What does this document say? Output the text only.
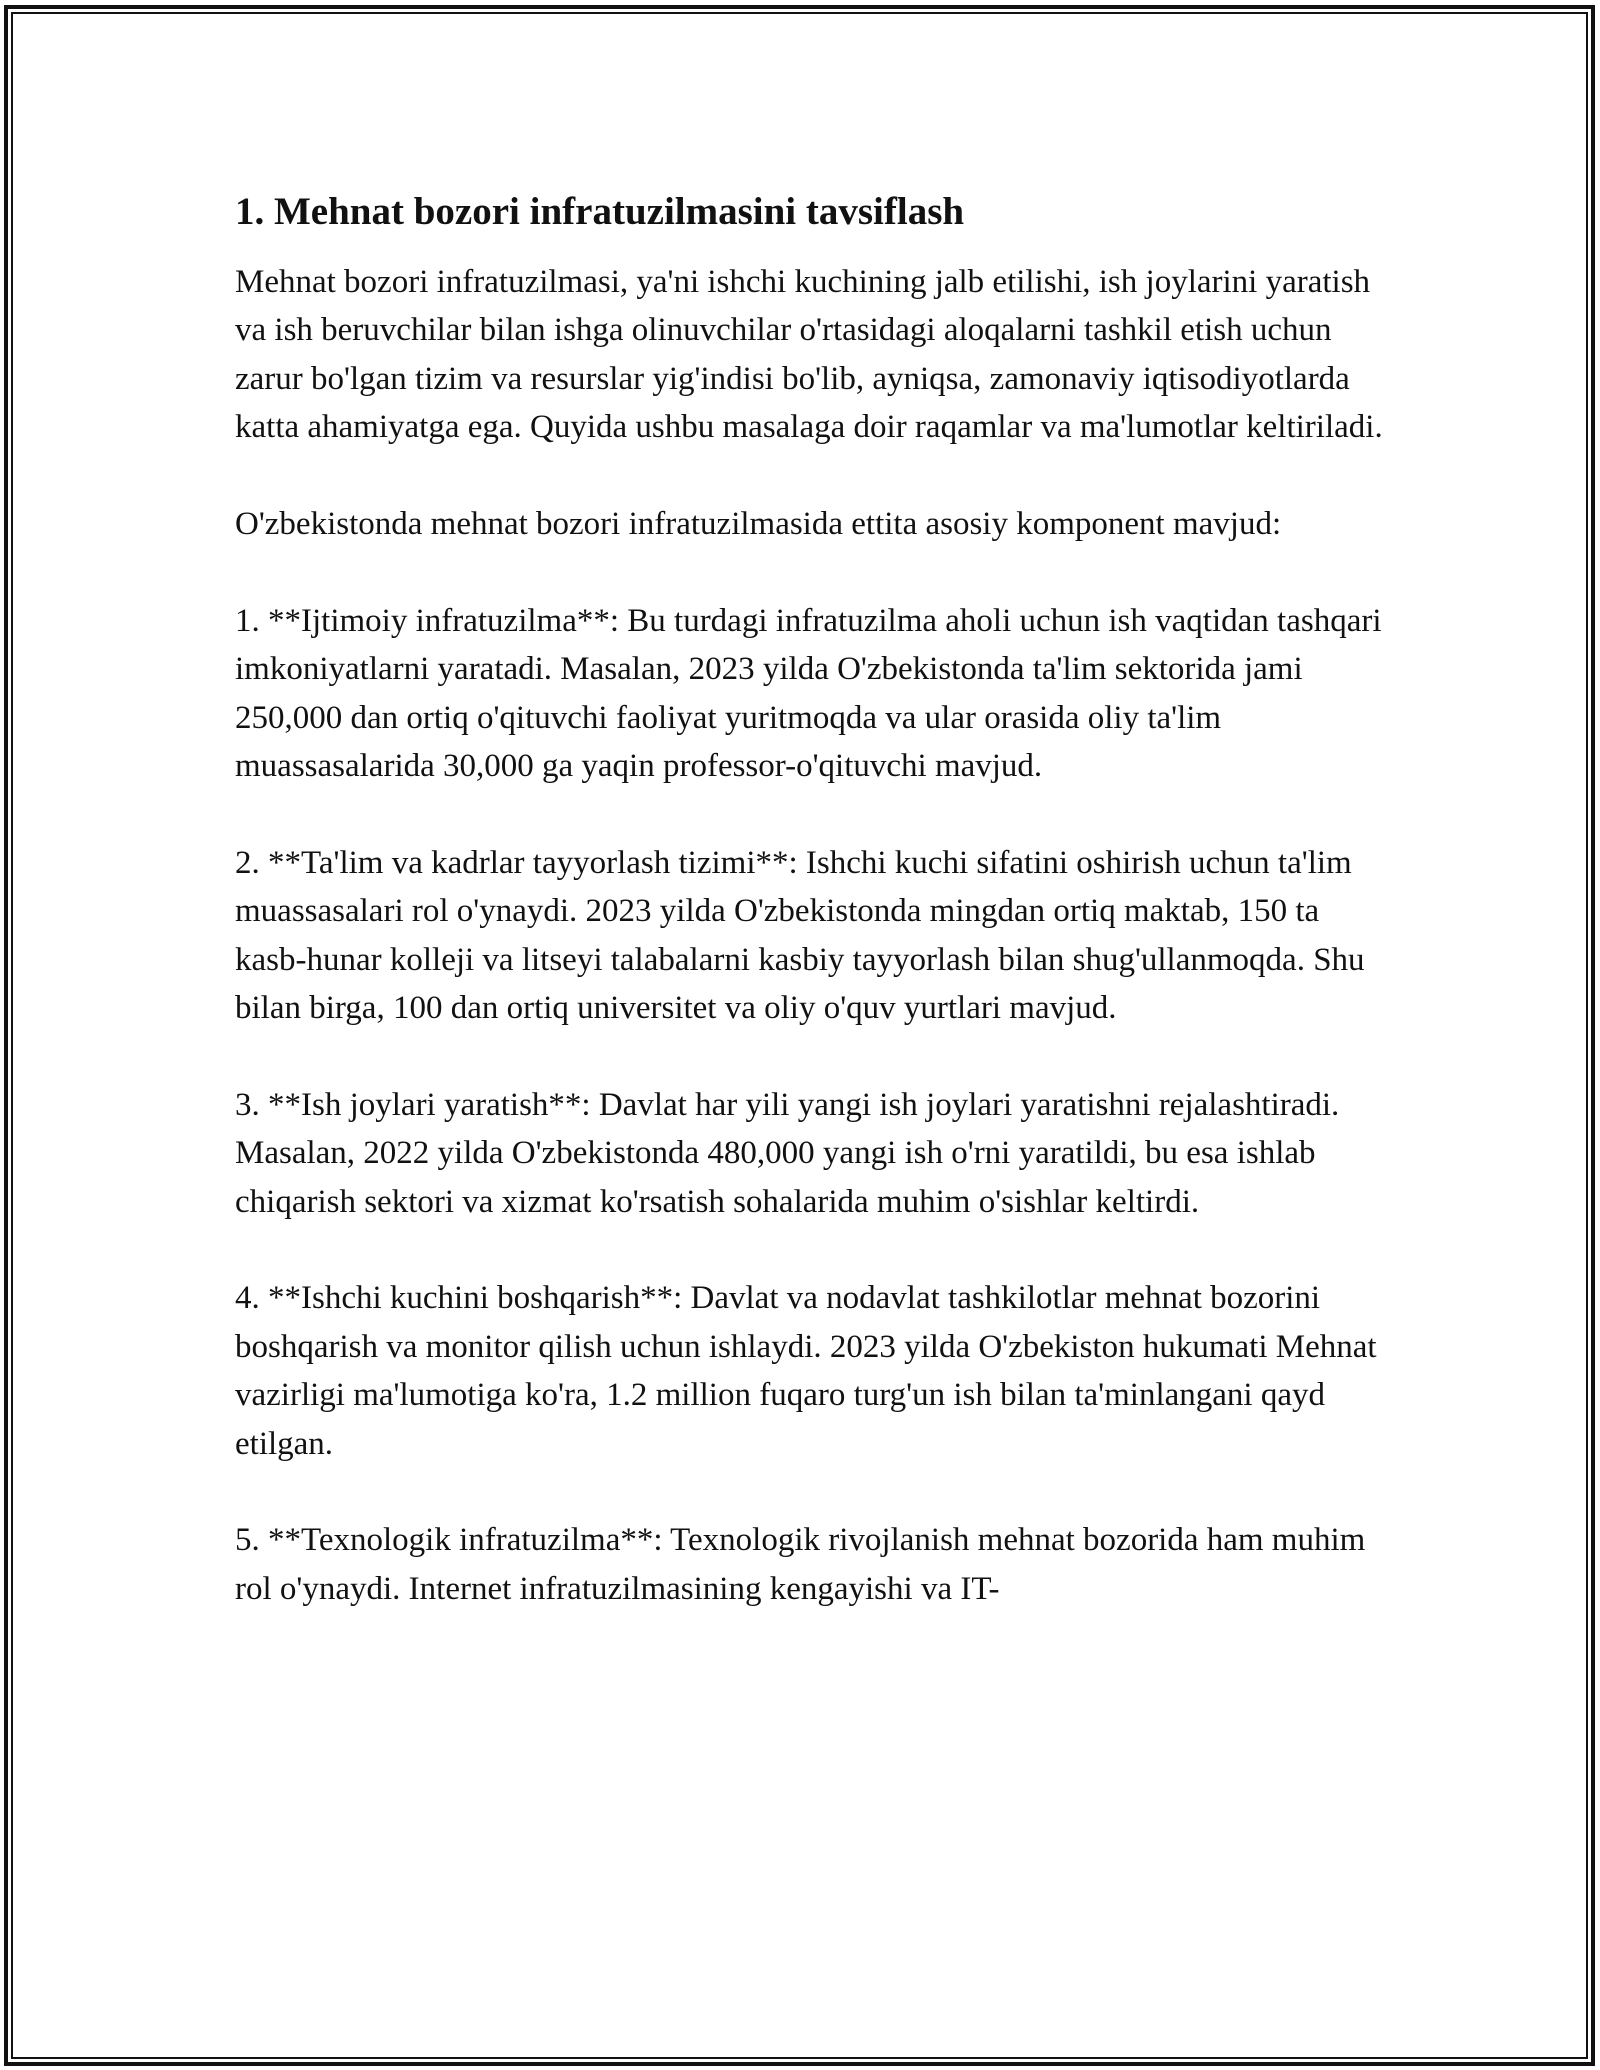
1. Mehnat bozori infratuzilmasini tavsiflash

Mehnat bozori infratuzilmasi, ya'ni ishchi kuchining jalb etilishi, ish joylarini yaratish va ish beruvchilar bilan ishga olinuvchilar o'rtasidagi aloqalarni tashkil etish uchun zarur bo'lgan tizim va resurslar yig'indisi bo'lib, ayniqsa, zamonaviy iqtisodiyotlarda katta ahamiyatga ega. Quyida ushbu masalaga doir raqamlar va ma'lumotlar keltiriladi.

O'zbekistonda mehnat bozori infratuzilmasida ettita asosiy komponent mavjud:

1. **Ijtimoiy infratuzilma**: Bu turdagi infratuzilma aholi uchun ish vaqtidan tashqari imkoniyatlarni yaratadi. Masalan, 2023 yilda O'zbekistonda ta'lim sektorida jami 250,000 dan ortiq o'qituvchi faoliyat yuritmoqda va ular orasida oliy ta'lim muassasalarida 30,000 ga yaqin professor-o'qituvchi mavjud.

2. **Ta'lim va kadrlar tayyorlash tizimi**: Ishchi kuchi sifatini oshirish uchun ta'lim muassasalari rol o'ynaydi. 2023 yilda O'zbekistonda mingdan ortiq maktab, 150 ta kasb-hunar kolleji va litseyi talabalarni kasbiy tayyorlash bilan shug'ullanmoqda. Shu bilan birga, 100 dan ortiq universitet va oliy o'quv yurtlari mavjud.

3. **Ish joylari yaratish**: Davlat har yili yangi ish joylari yaratishni rejalashtiradi. Masalan, 2022 yilda O'zbekistonda 480,000 yangi ish o'rni yaratildi, bu esa ishlab chiqarish sektori va xizmat ko'rsatish sohalarida muhim o'sishlar keltirdi.

4. **Ishchi kuchini boshqarish**: Davlat va nodavlat tashkilotlar mehnat bozorini boshqarish va monitor qilish uchun ishlaydi. 2023 yilda O'zbekiston hukumati Mehnat vazirligi ma'lumotiga ko'ra, 1.2 million fuqaro turg'un ish bilan ta'minlangani qayd etilgan.

5. **Texnologik infratuzilma**: Texnologik rivojlanish mehnat bozorida ham muhim rol o'ynaydi. Internet infratuzilmasining kengayishi va IT-
